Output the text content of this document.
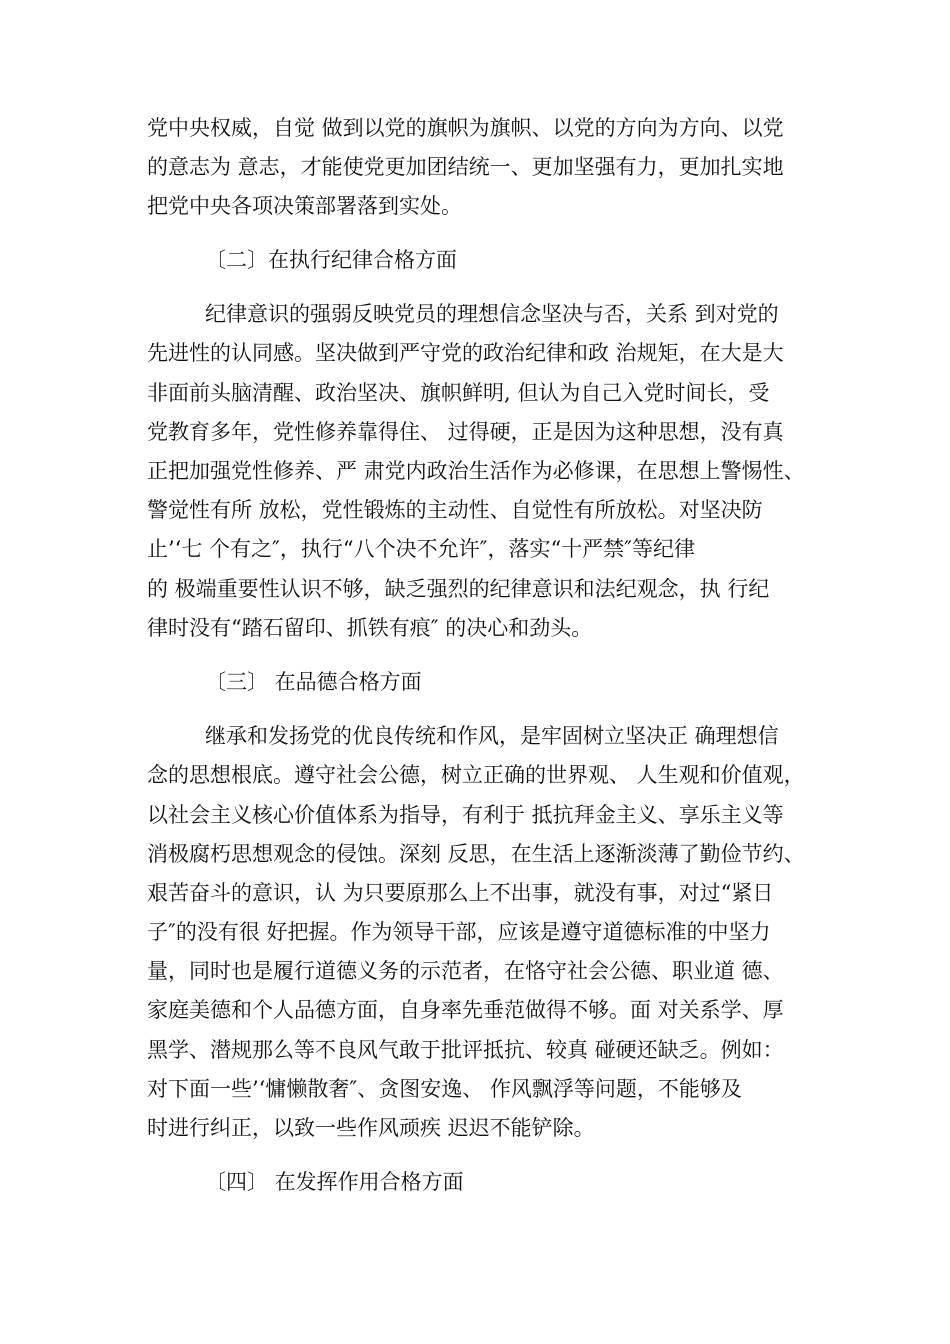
党中央权威，自觉 做到以党的旗帜为旗帜、以党的方向为方向、以党
的意志为 意志，才能使党更加团结统一、更加坚强有力，更加扎实地
把党中央各项决策部署落到实处。
〔二〕在执行纪律合格方面
纪律意识的强弱反映党员的理想信念坚决与否，关系 到对党的
先进性的认同感。坚决做到严守党的政治纪律和政 治规矩，在大是大
非面前头脑清醒、政治坚决、旗帜鲜明, 但认为自己入党时间长，受
党教育多年，党性修养靠得住、 过得硬，正是因为这种思想，没有真
正把加强党性修养、严 肃党内政治生活作为必修课，在思想上警惕性、
警觉性有所 放松，党性锻炼的主动性、自觉性有所放松。对坚决防
止’‘七 个有之″，执行“八个决不允许″，落实“十严禁″等纪律
的 极端重要性认识不够，缺乏强烈的纪律意识和法纪观念，执 行纪
律时没有“踏石留印、抓铁有痕″ 的决心和劲头。
〔三〕 在品德合格方面
继承和发扬党的优良传统和作风，是牢固树立坚决正 确理想信
念的思想根底。遵守社会公德，树立正确的世界观、 人生观和价值观，
以社会主义核心价值体系为指导，有利于 抵抗拜金主义、享乐主义等
消极腐朽思想观念的侵蚀。深刻 反思，在生活上逐渐淡薄了勤俭节约、
艰苦奋斗的意识，认 为只要原那么上不出事，就没有事，对过“紧日
子″的没有很 好把握。作为领导干部，应该是遵守道德标准的中坚力
量，同时也是履行道德义务的示范者，在恪守社会公德、职业道 德、
家庭美德和个人品德方面，自身率先垂范做得不够。面 对关系学、厚
黑学、潜规那么等不良风气敢于批评抵抗、较真 碰硬还缺乏。例如：
对下面一些’‘慵懒散奢″、贪图安逸、 作风飘浮等问题，不能够及
时进行纠正，以致一些作风顽疾 迟迟不能铲除。
〔四〕 在发挥作用合格方面
